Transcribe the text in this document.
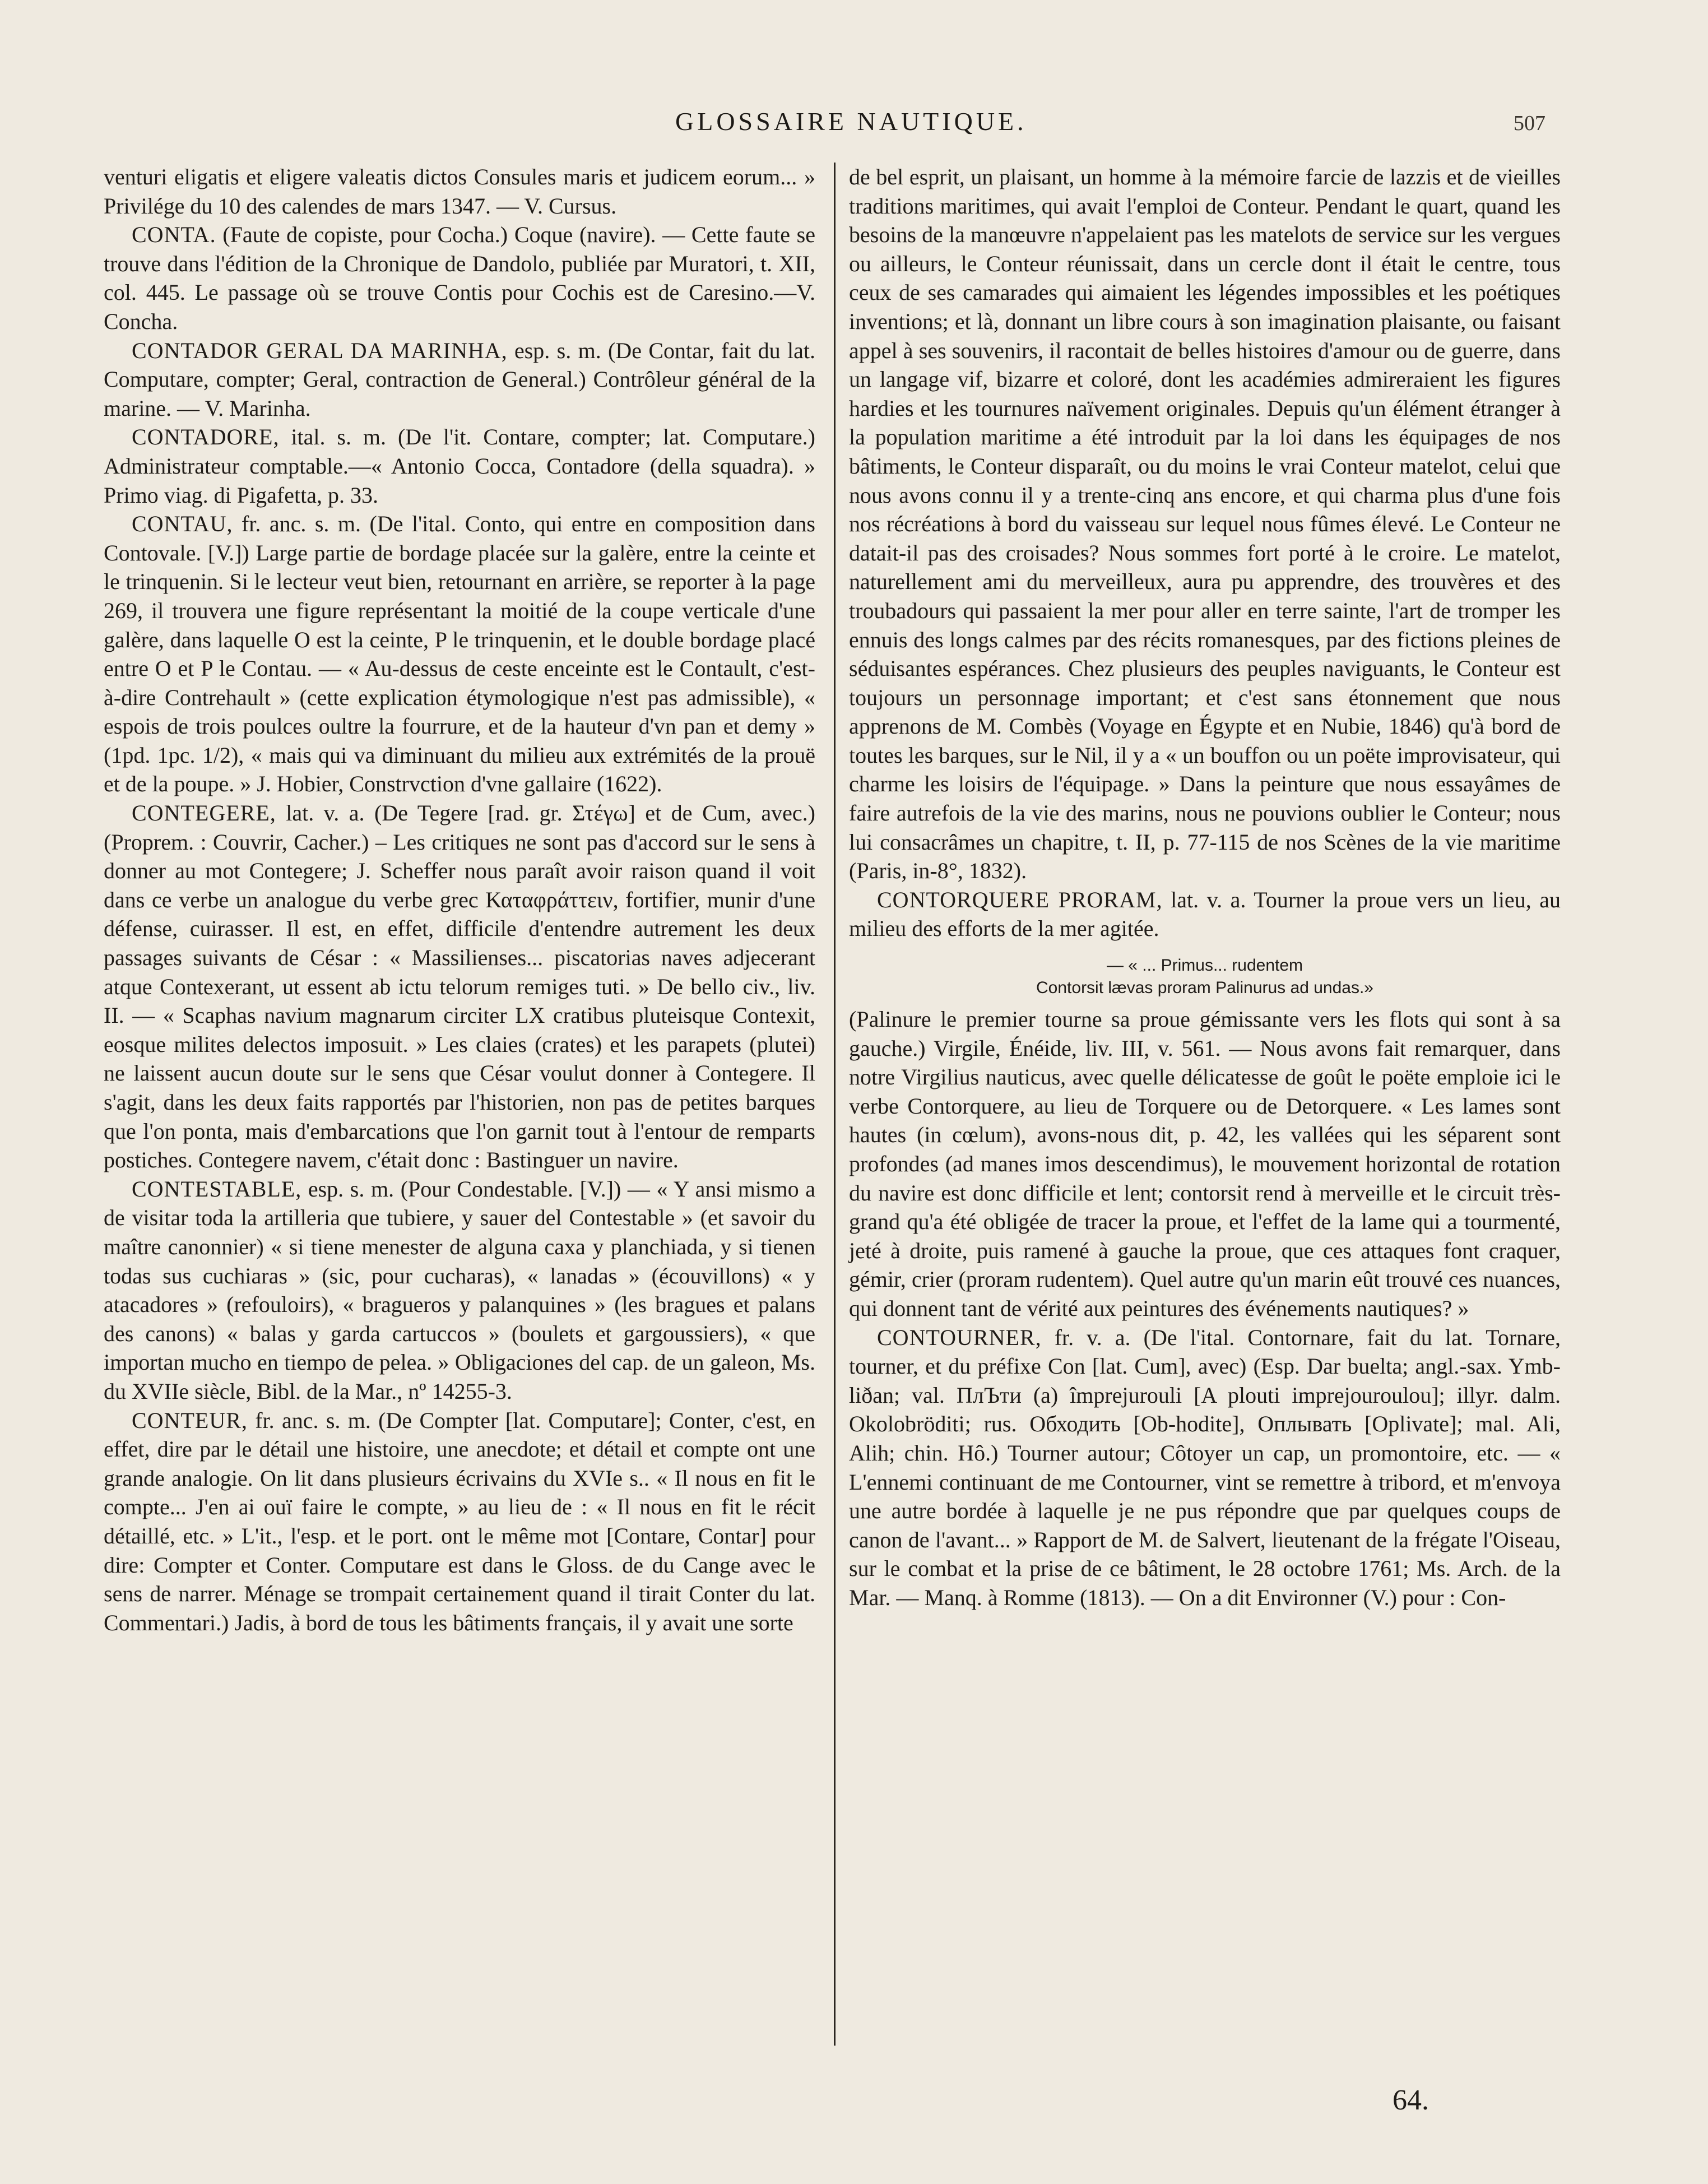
GLOSSAIRE NAUTIQUE.	507

venturi eligatis et eligere valeatis dictos Consules maris et judicem eorum... » Privilége du 10 des calendes de mars 1347. — V. Cursus.

CONTA. (Faute de copiste, pour Cocha.) Coque (navire). — Cette faute se trouve dans l'édition de la Chronique de Dandolo, publiée par Muratori, t. XII, col. 445. Le passage où se trouve Contis pour Cochis est de Caresino.—V. Concha.

CONTADOR GERAL DA MARINHA, esp. s. m. (De Contar, fait du lat. Computare, compter; Geral, contraction de General.) Contrôleur général de la marine. — V. Marinha.

CONTADORE, ital. s. m. (De l'it. Contare, compter; lat. Computare.) Administrateur comptable.—« Antonio Cocca, Contadore (della squadra). » Primo viag. di Pigafetta, p. 33.

CONTAU, fr. anc. s. m. (De l'ital. Conto, qui entre en composition dans Contovale. [V.]) Large partie de bordage placée sur la galère, entre la ceinte et le trinquenin. Si le lecteur veut bien, retournant en arrière, se reporter à la page 269, il trouvera une figure représentant la moitié de la coupe verticale d'une galère, dans laquelle O est la ceinte, P le trinquenin, et le double bordage placé entre O et P le Contau. — « Au-dessus de ceste enceinte est le Contault, c'est-à-dire Contrehault » (cette explication étymologique n'est pas admissible), « espois de trois poulces oultre la fourrure, et de la hauteur d'vn pan et demy » (1pd. 1pc. 1/2), « mais qui va diminuant du milieu aux extrémités de la prouë et de la poupe. » J. Hobier, Constrvction d'vne gallaire (1622).

CONTEGERE, lat. v. a. (De Tegere [rad. gr. Στέγω] et de Cum, avec.) (Proprem. : Couvrir, Cacher.) – Les critiques ne sont pas d'accord sur le sens à donner au mot Contegere; J. Scheffer nous paraît avoir raison quand il voit dans ce verbe un analogue du verbe grec Καταφράττειν, fortifier, munir d'une défense, cuirasser. Il est, en effet, difficile d'entendre autrement les deux passages suivants de César : « Massilienses... piscatorias naves adjecerant atque Contexerant, ut essent ab ictu telorum remiges tuti. » De bello civ., liv. II. — « Scaphas navium magnarum circiter LX cratibus pluteisque Contexit, eosque milites delectos imposuit. » Les claies (crates) et les parapets (plutei) ne laissent aucun doute sur le sens que César voulut donner à Contegere. Il s'agit, dans les deux faits rapportés par l'historien, non pas de petites barques que l'on ponta, mais d'embarcations que l'on garnit tout à l'entour de remparts postiches. Contegere navem, c'était donc : Bastinguer un navire.

CONTESTABLE, esp. s. m. (Pour Condestable. [V.]) — « Y ansi mismo a de visitar toda la artilleria que tubiere, y sauer del Contestable » (et savoir du maître canonnier) « si tiene menester de alguna caxa y planchiada, y si tienen todas sus cuchiaras » (sic, pour cucharas), « lanadas » (écouvillons) « y atacadores » (refouloirs), « bragueros y palanquines » (les bragues et palans des canons) « balas y garda cartuccos » (boulets et gargoussiers), « que importan mucho en tiempo de pelea. » Obligaciones del cap. de un galeon, Ms. du XVIIe siècle, Bibl. de la Mar., nº 14255-3.

CONTEUR, fr. anc. s. m. (De Compter [lat. Computare]; Conter, c'est, en effet, dire par le détail une histoire, une anecdote; et détail et compte ont une grande analogie. On lit dans plusieurs écrivains du XVIe s.. « Il nous en fit le compte... J'en ai ouï faire le compte, » au lieu de : « Il nous en fit le récit détaillé, etc. » L'it., l'esp. et le port. ont le même mot [Contare, Contar] pour dire: Compter et Conter. Computare est dans le Gloss. de du Cange avec le sens de narrer. Ménage se trompait certainement quand il tirait Conter du lat. Commentari.) Jadis, à bord de tous les bâtiments français, il y avait une sorte

de bel esprit, un plaisant, un homme à la mémoire farcie de lazzis et de vieilles traditions maritimes, qui avait l'emploi de Conteur. Pendant le quart, quand les besoins de la manœuvre n'appelaient pas les matelots de service sur les vergues ou ailleurs, le Conteur réunissait, dans un cercle dont il était le centre, tous ceux de ses camarades qui aimaient les légendes impossibles et les poétiques inventions; et là, donnant un libre cours à son imagination plaisante, ou faisant appel à ses souvenirs, il racontait de belles histoires d'amour ou de guerre, dans un langage vif, bizarre et coloré, dont les académies admireraient les figures hardies et les tournures naïvement originales. Depuis qu'un élément étranger à la population maritime a été introduit par la loi dans les équipages de nos bâtiments, le Conteur disparaît, ou du moins le vrai Conteur matelot, celui que nous avons connu il y a trente-cinq ans encore, et qui charma plus d'une fois nos récréations à bord du vaisseau sur lequel nous fûmes élevé. Le Conteur ne datait-il pas des croisades? Nous sommes fort porté à le croire. Le matelot, naturellement ami du merveilleux, aura pu apprendre, des trouvères et des troubadours qui passaient la mer pour aller en terre sainte, l'art de tromper les ennuis des longs calmes par des récits romanesques, par des fictions pleines de séduisantes espérances. Chez plusieurs des peuples naviguants, le Conteur est toujours un personnage important; et c'est sans étonnement que nous apprenons de M. Combès (Voyage en Égypte et en Nubie, 1846) qu'à bord de toutes les barques, sur le Nil, il y a « un bouffon ou un poëte improvisateur, qui charme les loisirs de l'équipage. » Dans la peinture que nous essayâmes de faire autrefois de la vie des marins, nous ne pouvions oublier le Conteur; nous lui consacrâmes un chapitre, t. II, p. 77-115 de nos Scènes de la vie maritime (Paris, in-8°, 1832).

CONTORQUERE PRORAM, lat. v. a. Tourner la proue vers un lieu, au milieu des efforts de la mer agitée.

— « ... Primus... rudentem
Contorsit lævas proram Palinurus ad undas.»

(Palinure le premier tourne sa proue gémissante vers les flots qui sont à sa gauche.) Virgile, Énéide, liv. III, v. 561. — Nous avons fait remarquer, dans notre Virgilius nauticus, avec quelle délicatesse de goût le poëte emploie ici le verbe Contorquere, au lieu de Torquere ou de Detorquere. « Les lames sont hautes (in cœlum), avons-nous dit, p. 42, les vallées qui les séparent sont profondes (ad manes imos descendimus), le mouvement horizontal de rotation du navire est donc difficile et lent; contorsit rend à merveille et le circuit très-grand qu'a été obligée de tracer la proue, et l'effet de la lame qui a tourmenté, jeté à droite, puis ramené à gauche la proue, que ces attaques font craquer, gémir, crier (proram rudentem). Quel autre qu'un marin eût trouvé ces nuances, qui donnent tant de vérité aux peintures des événements nautiques? »

CONTOURNER, fr. v. a. (De l'ital. Contornare, fait du lat. Tornare, tourner, et du préfixe Con [lat. Cum], avec) (Esp. Dar buelta; angl.-sax. Ymb-liðan; val. ПлЪти (a) împrejurouli [A plouti imprejouroulou]; illyr. dalm. Okolobröditi; rus. Обходить [Ob-hodite], Оплывать [Oplivate]; mal. Ali, Alih; chin. Hô.) Tourner autour; Côtoyer un cap, un promontoire, etc. — « L'ennemi continuant de me Contourner, vint se remettre à tribord, et m'envoya une autre bordée à laquelle je ne pus répondre que par quelques coups de canon de l'avant... » Rapport de M. de Salvert, lieutenant de la frégate l'Oiseau, sur le combat et la prise de ce bâtiment, le 28 octobre 1761; Ms. Arch. de la Mar. — Manq. à Romme (1813). — On a dit Environner (V.) pour : Con-

64.
